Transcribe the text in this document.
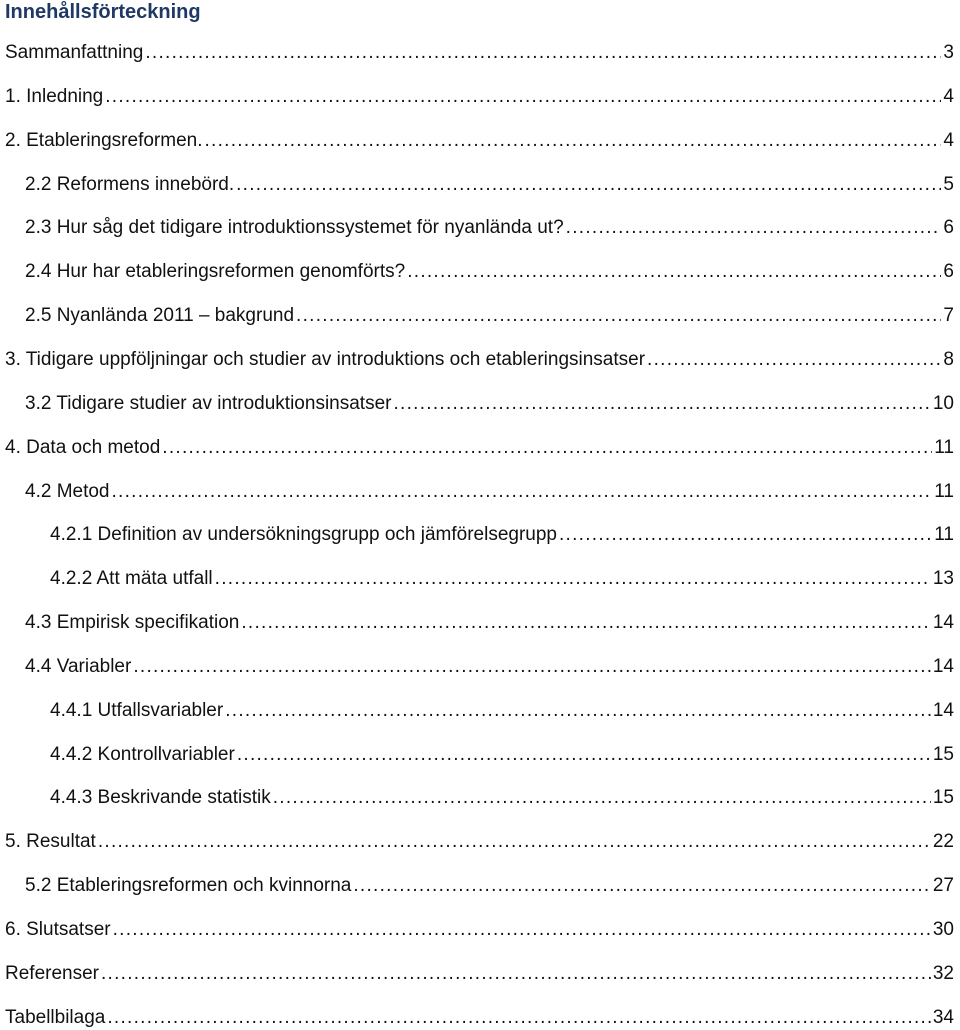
Innehållsförteckning
Sammanfattning . . .	3
1. Inledning . . .	4
2. Etableringsreformen. . . .	4
2.2 Reformens innebörd. . . .	5
2.3 Hur såg det tidigare introduktionssystemet för nyanlända ut? . . .	6
2.4 Hur har etableringsreformen genomförts? . . .	6
2.5 Nyanlända 2011 – bakgrund . . .	7
3. Tidigare uppföljningar och studier av introduktions och etableringsinsatser . . .	8
3.2 Tidigare studier av introduktionsinsatser . . .	10
4. Data och metod . . .	11
4.2 Metod . . .	11
4.2.1 Definition av undersökningsgrupp och jämförelsegrupp . . .	11
4.2.2 Att mäta utfall . . .	13
4.3 Empirisk specifikation . . .	14
4.4 Variabler . . .	14
4.4.1 Utfallsvariabler . . .	14
4.4.2 Kontrollvariabler . . .	15
4.4.3 Beskrivande statistik . . .	15
5. Resultat . . .	22
5.2 Etableringsreformen och kvinnorna . . .	27
6. Slutsatser . . .	30
Referenser . . .	32
Tabellbilaga . . .	34
